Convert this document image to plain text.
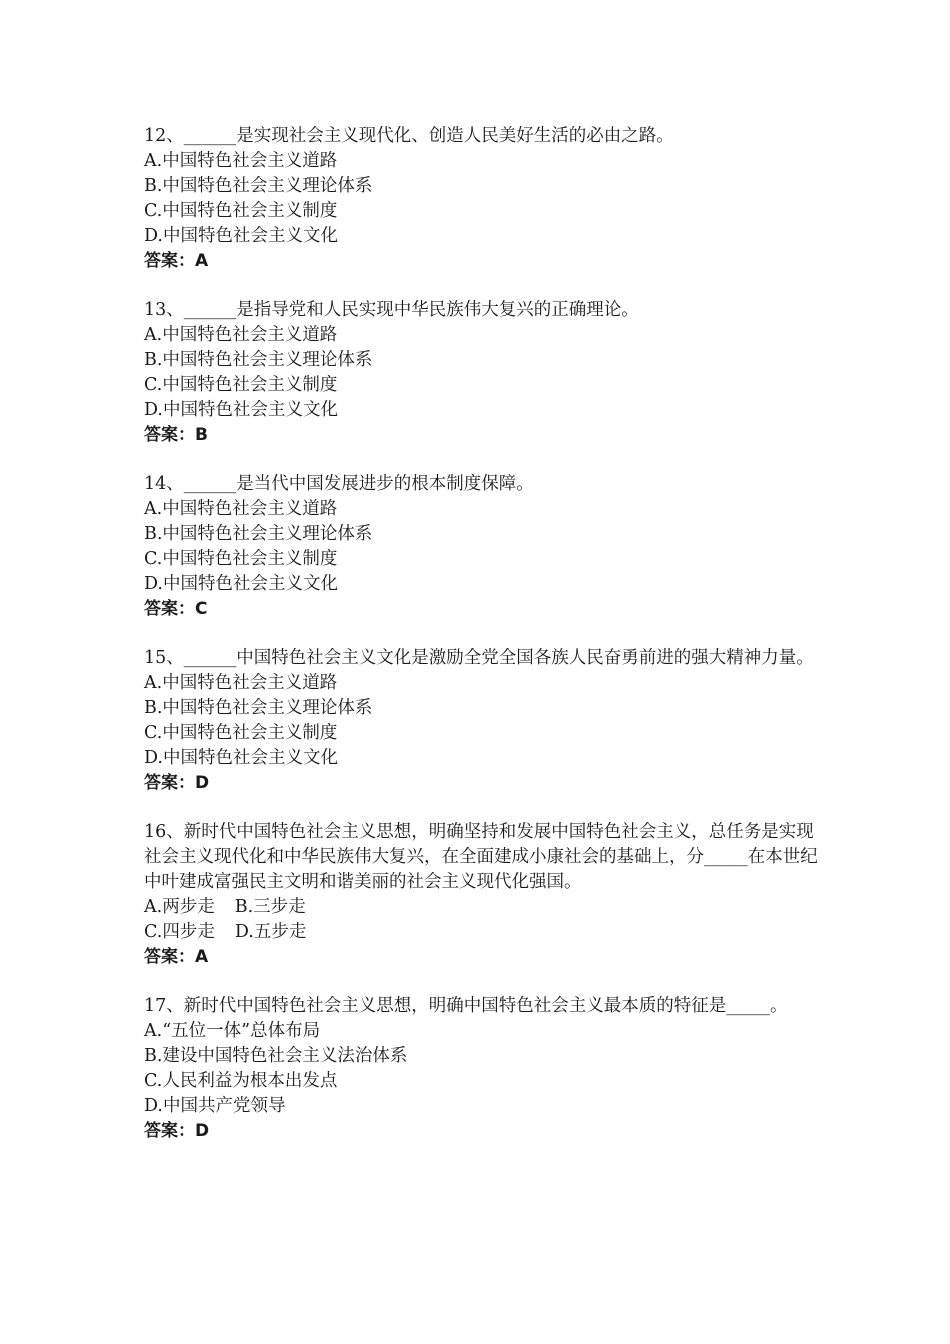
12、______是实现社会主义现代化、创造人民美好生活的必由之路。

A.中国特色社会主义道路

B.中国特色社会主义理论体系

C.中国特色社会主义制度

D.中国特色社会主义文化

答案：A

13、______是指导党和人民实现中华民族伟大复兴的正确理论。

A.中国特色社会主义道路

B.中国特色社会主义理论体系

C.中国特色社会主义制度

D.中国特色社会主义文化

答案：B

14、______是当代中国发展进步的根本制度保障。

A.中国特色社会主义道路

B.中国特色社会主义理论体系

C.中国特色社会主义制度

D.中国特色社会主义文化

答案：C

15、______中国特色社会主义文化是激励全党全国各族人民奋勇前进的强大精神力量。

A.中国特色社会主义道路

B.中国特色社会主义理论体系

C.中国特色社会主义制度

D.中国特色社会主义文化

答案：D

16、新时代中国特色社会主义思想，明确坚持和发展中国特色社会主义，总任务是实现社会主义现代化和中华民族伟大复兴，在全面建成小康社会的基础上，分_____在本世纪中叶建成富强民主文明和谐美丽的社会主义现代化强国。

A.两步走 B.三步走

C.四步走 D.五步走

答案：A

17、新时代中国特色社会主义思想，明确中国特色社会主义最本质的特征是_____。

A.“五位一体”总体布局

B.建设中国特色社会主义法治体系

C.人民利益为根本出发点

D.中国共产党领导

答案：D
